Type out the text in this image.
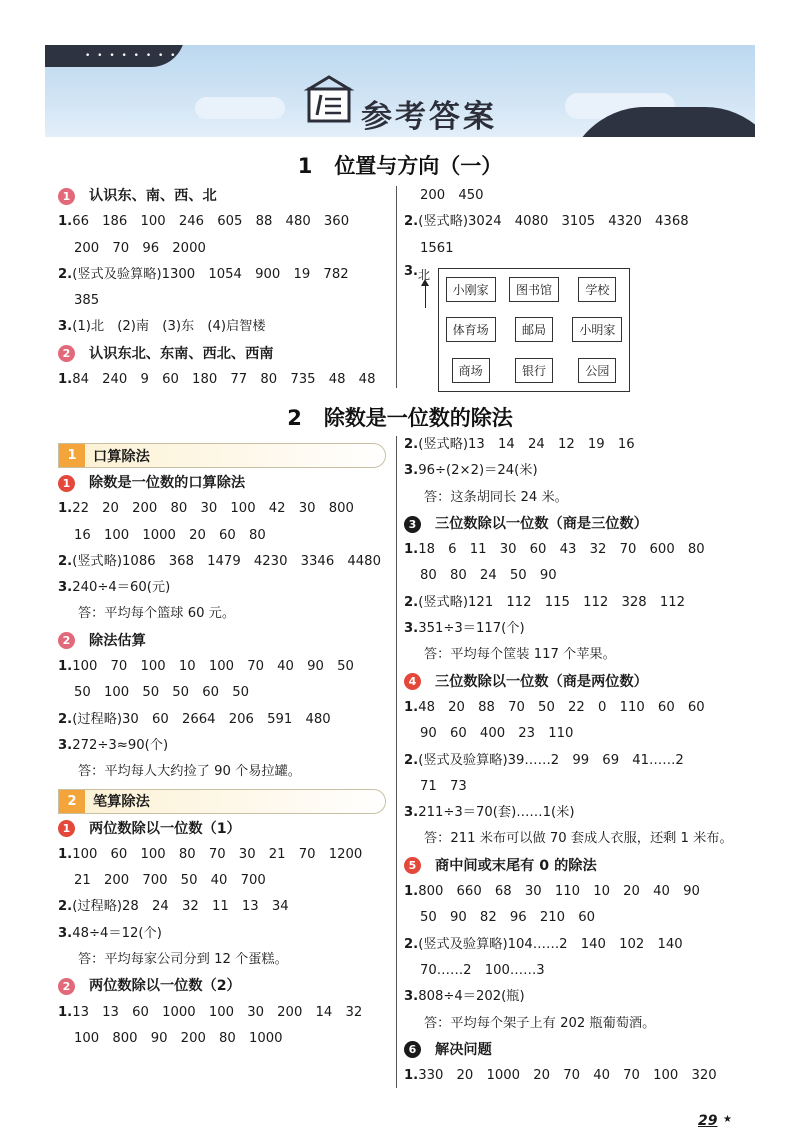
• • • • • • • •
参考答案
1 位置与方向（一）
1	认识东、南、西、北
1.66　186　100　246　605　88　480　360
200　70　96　2000
2.(竖式及验算略)1300　1054　900　19　782
385
3.(1)北　(2)南　(3)东　(4)启智楼
2	认识东北、东南、西北、西南
1.84　240　9　60　180　77　80　735　48　48
200　450
2.(竖式略)3024　4080　3105　4320　4368
1561
3. 北
小刚家	图书馆	学校
体育场	邮局	小明家
商场	银行	公园
2 除数是一位数的除法
1	口算除法
1	除数是一位数的口算除法
1.22　20　200　80　30　100　42　30　800
16　100　1000　20　60　80
2.(竖式略)1086　368　1479　4230　3346　4480
3.240÷4＝60(元)
答：平均每个篮球 60 元。
2	除法估算
1.100　70　100　10　100　70　40　90　50
50　100　50　50　60　50
2.(过程略)30　60　2664　206　591　480
3.272÷3≈90(个)
答：平均每人大约捡了 90 个易拉罐。
2	笔算除法
1	两位数除以一位数（1）
1.100　60　100　80　70　30　21　70　1200
21　200　700　50　40　700
2.(过程略)28　24　32　11　13　34
3.48÷4＝12(个)
答：平均每家公司分到 12 个蛋糕。
2	两位数除以一位数（2）
1.13　13　60　1000　100　30　200　14　32
100　800　90　200　80　1000
2.(竖式略)13　14　24　12　19　16
3.96÷(2×2)＝24(米)
答：这条胡同长 24 米。
3	三位数除以一位数（商是三位数）
1.18　6　11　30　60　43　32　70　600　80
80　80　24　50　90
2.(竖式略)121　112　115　112　328　112
3.351÷3＝117(个)
答：平均每个筐装 117 个苹果。
4	三位数除以一位数（商是两位数）
1.48　20　88　70　50　22　0　110　60　60
90　60　400　23　110
2.(竖式及验算略)39……2　99　69　41……2
71　73
3.211÷3＝70(套)……1(米)
答：211 米布可以做 70 套成人衣服，还剩 1 米布。
5	商中间或末尾有 0 的除法
1.800　660　68　30　110　10　20　40　90
50　90　82　96　210　60
2.(竖式及验算略)104……2　140　102　140
70……2　100……3
3.808÷4＝202(瓶)
答：平均每个架子上有 202 瓶葡萄酒。
6	解决问题
1.330　20　1000　20　70　40　70　100　320
29 ★
